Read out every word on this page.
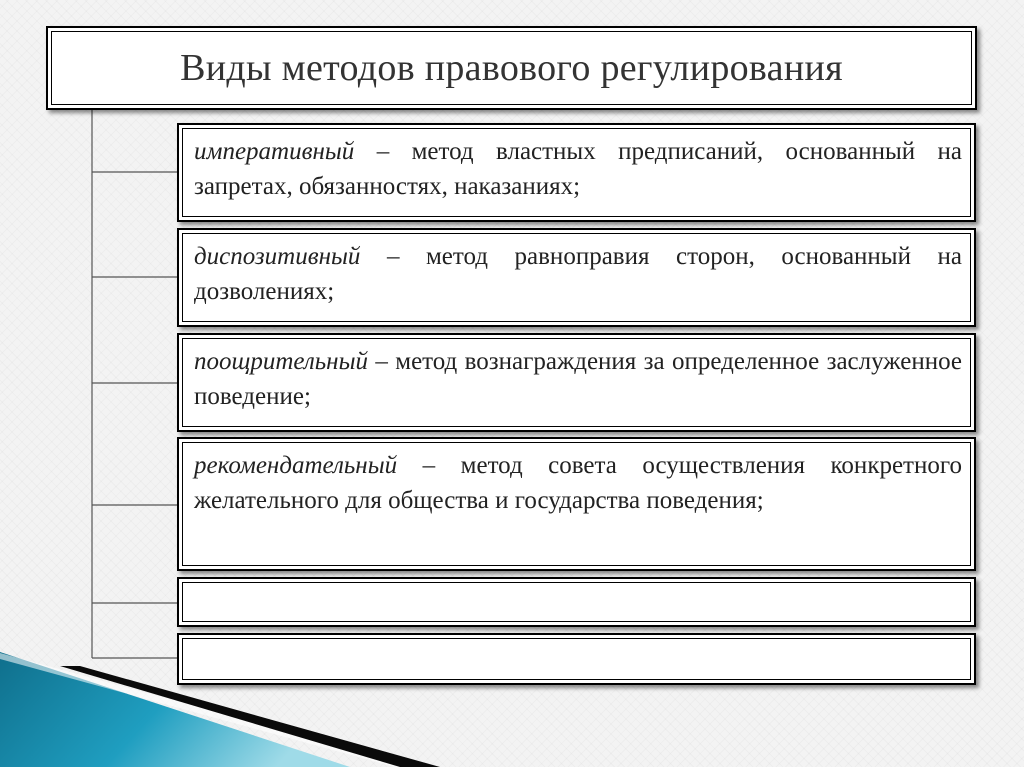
Виды методов правового регулирования

императивный – метод властных предписаний, основанный на запретах, обязанностях, наказаниях;

диспозитивный – метод равноправия сторон, основанный на дозволениях;

поощрительный – метод вознаграждения за определенное заслуженное поведение;

рекомендательный – метод совета осуществления конкретного желательного для общества и государства поведения;
